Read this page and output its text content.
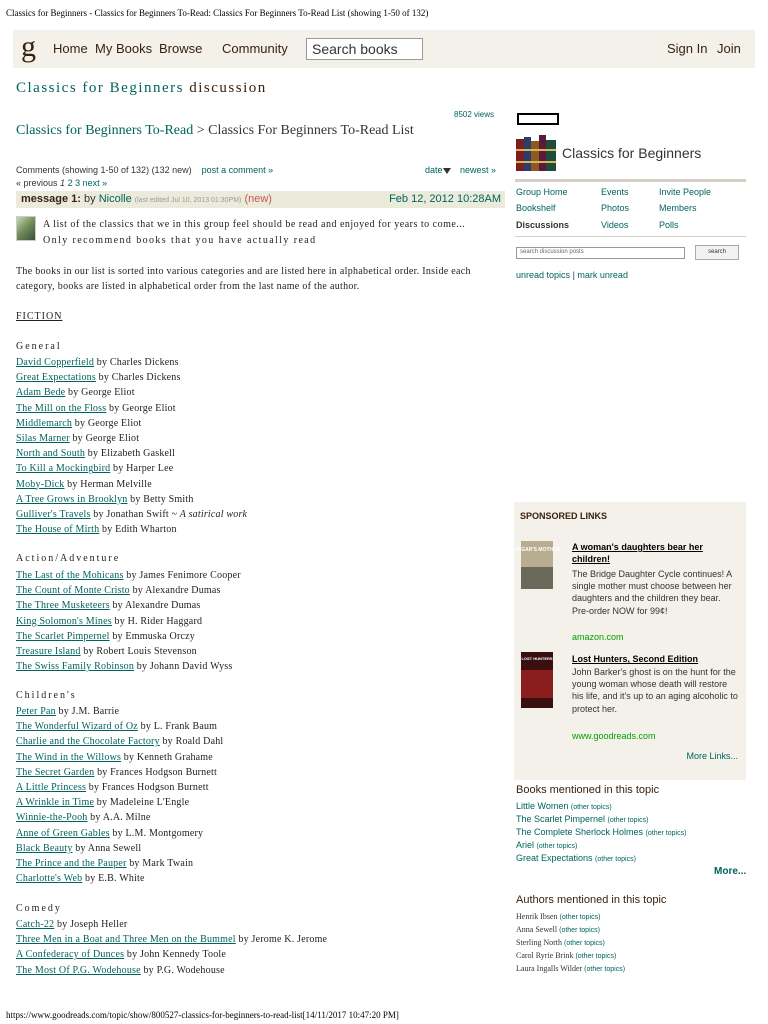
Classics for Beginners - Classics for Beginners To-Read: Classics For Beginners To-Read List (showing 1-50 of 132)
g Home My Books Browse Community	Search books	Sign In Join
Classics for Beginners discussion
8502 views
Classics for Beginners To-Read > Classics For Beginners To-Read List
Comments (showing 1-50 of 132) (132 new) post a comment »	date	newest »
« previous 1 2 3 next »
message 1: by Nicolle (last edited Jul 10, 2013 01:30PM) (new)	Feb 12, 2012 10:28AM
A list of the classics that we in this group feel should be read and enjoyed for years to come...
Only recommend books that you have actually read
The books in our list is sorted into various categories and are listed here in alphabetical order. Inside each category, books are listed in alphabetical order from the last name of the author.
FICTION
General
David Copperfield by Charles Dickens
Great Expectations by Charles Dickens
Adam Bede by George Eliot
The Mill on the Floss by George Eliot
Middlemarch by George Eliot
Silas Marner by George Eliot
North and South by Elizabeth Gaskell
To Kill a Mockingbird by Harper Lee
Moby-Dick by Herman Melville
A Tree Grows in Brooklyn by Betty Smith
Gulliver's Travels by Jonathan Swift ~ A satirical work
The House of Mirth by Edith Wharton
Action/Adventure
The Last of the Mohicans by James Fenimore Cooper
The Count of Monte Cristo by Alexandre Dumas
The Three Musketeers by Alexandre Dumas
King Solomon's Mines by H. Rider Haggard
The Scarlet Pimpernel by Emmuska Orczy
Treasure Island by Robert Louis Stevenson
The Swiss Family Robinson by Johann David Wyss
Children's
Peter Pan by J.M. Barrie
The Wonderful Wizard of Oz by L. Frank Baum
Charlie and the Chocolate Factory by Roald Dahl
The Wind in the Willows by Kenneth Grahame
The Secret Garden by Frances Hodgson Burnett
A Little Princess by Frances Hodgson Burnett
A Wrinkle in Time by Madeleine L'Engle
Winnie-the-Pooh by A.A. Milne
Anne of Green Gables by L.M. Montgomery
Black Beauty by Anna Sewell
The Prince and the Pauper by Mark Twain
Charlotte's Web by E.B. White
Comedy
Catch-22 by Joseph Heller
Three Men in a Boat and Three Men on the Bummel by Jerome K. Jerome
A Confederacy of Dunces by John Kennedy Toole
The Most Of P.G. Wodehouse by P.G. Wodehouse
Classics for Beginners
Group Home	Events	Invite People
Bookshelf	Photos	Members
Discussions	Videos	Polls
search discussion posts	search
unread topics | mark unread
SPONSORED LINKS
HAGAR'S MOTHER A woman's daughters bear her children!
The Bridge Daughter Cycle continues! A single mother must choose between her daughters and the children they bear. Pre-order NOW for 99¢!
amazon.com
LOST HUNTERS Lost Hunters, Second Edition
John Barker's ghost is on the hunt for the young woman whose death will restore his life, and it's up to an aging alcoholic to protect her.
www.goodreads.com
More Links...
Books mentioned in this topic
Little Women (other topics)
The Scarlet Pimpernel (other topics)
The Complete Sherlock Holmes (other topics)
Ariel (other topics)
Great Expectations (other topics)
More...
Authors mentioned in this topic
Henrik Ibsen (other topics)
Anna Sewell (other topics)
Sterling North (other topics)
Carol Ryrie Brink (other topics)
Laura Ingalls Wilder (other topics)
https://www.goodreads.com/topic/show/800527-classics-for-beginners-to-read-list[14/11/2017 10:47:20 PM]
